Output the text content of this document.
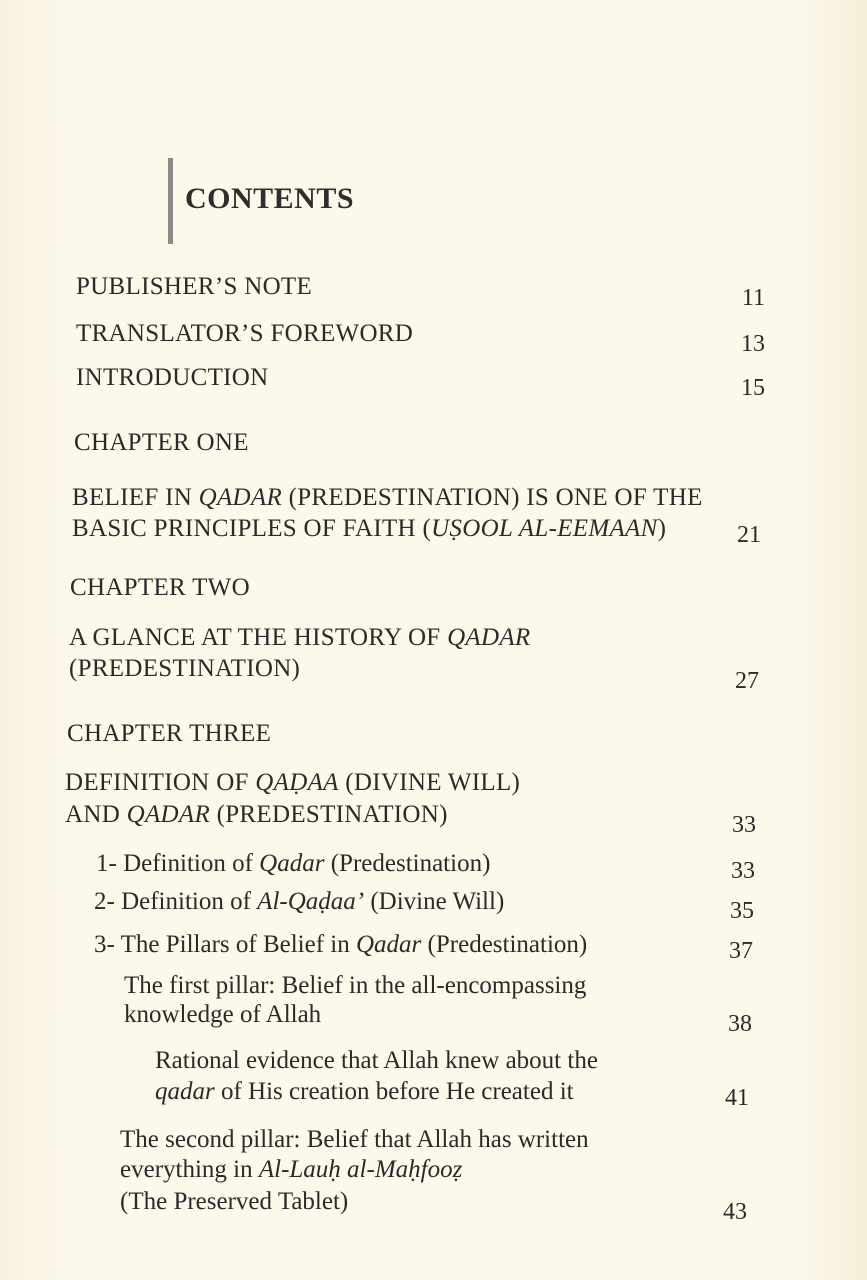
CONTENTS
PUBLISHER’S NOTE	11
TRANSLATOR’S FOREWORD	13
INTRODUCTION	15
CHAPTER ONE
BELIEF IN QADAR (PREDESTINATION) IS ONE OF THE
BASIC PRINCIPLES OF FAITH (UṢOOL AL-EEMAAN)	21
CHAPTER TWO
A GLANCE AT THE HISTORY OF QADAR
(PREDESTINATION)	27
CHAPTER THREE
DEFINITION OF QAḌAA (DIVINE WILL)
AND QADAR (PREDESTINATION)	33
1- Definition of Qadar (Predestination)	33
2- Definition of Al-Qaḍaa’ (Divine Will)	35
3- The Pillars of Belief in Qadar (Predestination)	37
The first pillar: Belief in the all-encompassing
knowledge of Allah	38
Rational evidence that Allah knew about the
qadar of His creation before He created it	41
The second pillar: Belief that Allah has written
everything in Al-Lauḥ al-Maḥfooẓ
(The Preserved Tablet)	43
